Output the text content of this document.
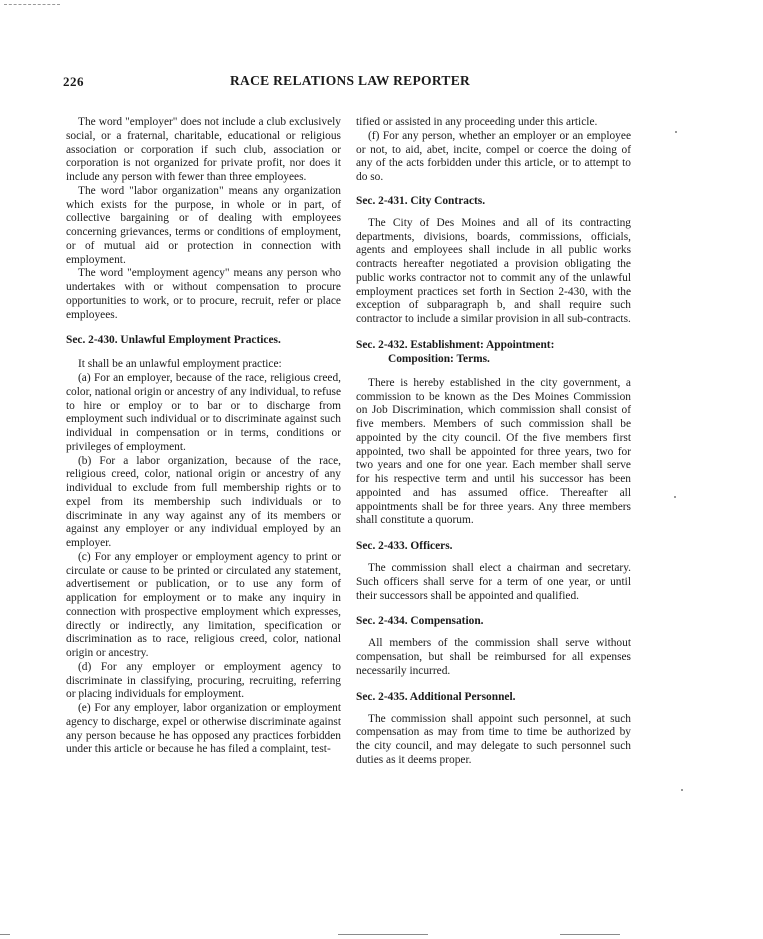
226	RACE RELATIONS LAW REPORTER

The word "employer" does not include a club exclusively social, or a fraternal, charitable, educational or religious association or corporation if such club, association or corporation is not organized for private profit, nor does it include any person with fewer than three employees.

The word "labor organization" means any organization which exists for the purpose, in whole or in part, of collective bargaining or of dealing with employees concerning grievances, terms or conditions of employment, or of mutual aid or protection in connection with employment.

The word "employment agency" means any person who undertakes with or without compensation to procure opportunities to work, or to procure, recruit, refer or place employees.

Sec. 2-430. Unlawful Employment Practices.

It shall be an unlawful employment practice:

(a) For an employer, because of the race, religious creed, color, national origin or ancestry of any individual, to refuse to hire or employ or to bar or to discharge from employment such individual or to discriminate against such individual in compensation or in terms, conditions or privileges of employment.

(b) For a labor organization, because of the race, religious creed, color, national origin or ancestry of any individual to exclude from full membership rights or to expel from its membership such individuals or to discriminate in any way against any of its members or against any employer or any individual employed by an employer.

(c) For any employer or employment agency to print or circulate or cause to be printed or circulated any statement, advertisement or publication, or to use any form of application for employment or to make any inquiry in connection with prospective employment which expresses, directly or indirectly, any limitation, specification or discrimination as to race, religious creed, color, national origin or ancestry.

(d) For any employer or employment agency to discriminate in classifying, procuring, recruiting, referring or placing individuals for employment.

(e) For any employer, labor organization or employment agency to discharge, expel or otherwise discriminate against any person because he has opposed any practices forbidden under this article or because he has filed a complaint, test-

tified or assisted in any proceeding under this article.

(f) For any person, whether an employer or an employee or not, to aid, abet, incite, compel or coerce the doing of any of the acts forbidden under this article, or to attempt to do so.

Sec. 2-431. City Contracts.

The City of Des Moines and all of its contracting departments, divisions, boards, commissions, officials, agents and employees shall include in all public works contracts hereafter negotiated a provision obligating the public works contractor not to commit any of the unlawful employment practices set forth in Section 2-430, with the exception of subparagraph b, and shall require such contractor to include a similar provision in all sub-contracts.

Sec. 2-432. Establishment: Appointment:
Composition: Terms.

There is hereby established in the city government, a commission to be known as the Des Moines Commission on Job Discrimination, which commission shall consist of five members. Members of such commission shall be appointed by the city council. Of the five members first appointed, two shall be appointed for three years, two for two years and one for one year. Each member shall serve for his respective term and until his successor has been appointed and has assumed office. Thereafter all appointments shall be for three years. Any three members shall constitute a quorum.

Sec. 2-433. Officers.

The commission shall elect a chairman and secretary. Such officers shall serve for a term of one year, or until their successors shall be appointed and qualified.

Sec. 2-434. Compensation.

All members of the commission shall serve without compensation, but shall be reimbursed for all expenses necessarily incurred.

Sec. 2-435. Additional Personnel.

The commission shall appoint such personnel, at such compensation as may from time to time be authorized by the city council, and may delegate to such personnel such duties as it deems proper.
